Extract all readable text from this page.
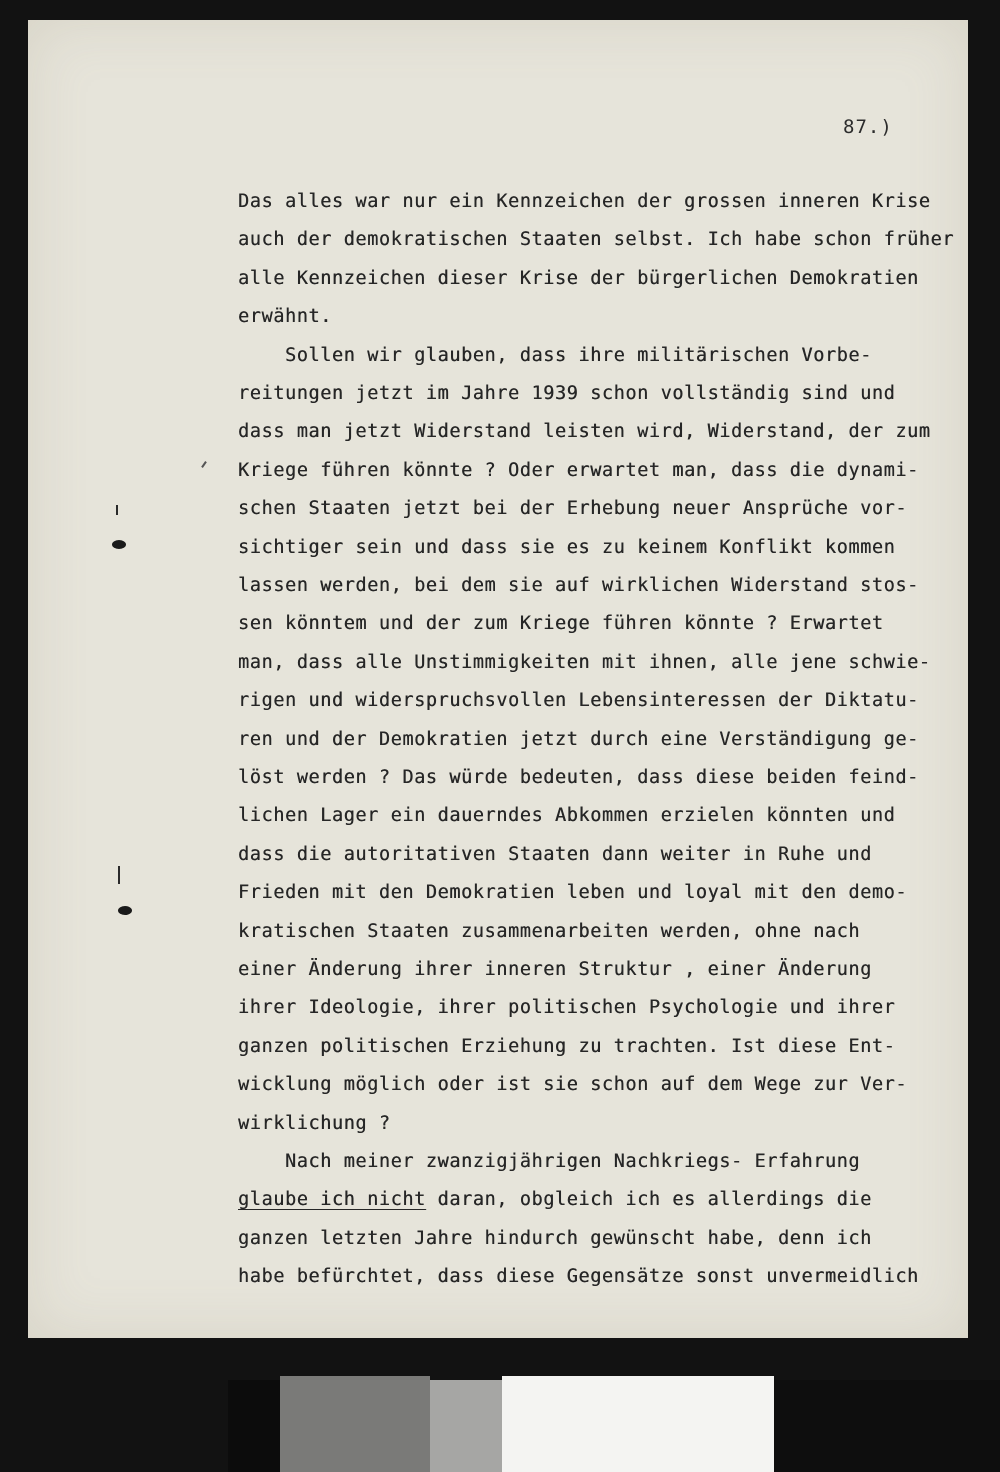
87.)
Das alles war nur ein Kennzeichen der grossen inneren Krise
auch der demokratischen Staaten selbst. Ich habe schon früher
alle Kennzeichen dieser Krise der bürgerlichen Demokratien
erwähnt.
Sollen wir glauben, dass ihre militärischen Vorbe-
reitungen jetzt im Jahre 1939 schon vollständig sind und
dass man jetzt Widerstand leisten wird, Widerstand, der zum
Kriege führen könnte ? Oder erwartet man, dass die dynami-
schen Staaten jetzt bei der Erhebung neuer Ansprüche vor-
sichtiger sein und dass sie es zu keinem Konflikt kommen
lassen werden, bei dem sie auf wirklichen Widerstand stos-
sen könntem und der zum Kriege führen könnte ? Erwartet
man, dass alle Unstimmigkeiten mit ihnen, alle jene schwie-
rigen und widerspruchsvollen Lebensinteressen der Diktatu-
ren und der Demokratien jetzt durch eine Verständigung ge-
löst werden ? Das würde bedeuten, dass diese beiden feind-
lichen Lager ein dauerndes Abkommen erzielen könnten und
dass die autoritativen Staaten dann weiter in Ruhe und
Frieden mit den Demokratien leben und loyal mit den demo-
kratischen Staaten zusammenarbeiten werden, ohne nach
einer Änderung ihrer inneren Struktur , einer Änderung
ihrer Ideologie, ihrer politischen Psychologie und ihrer
ganzen politischen Erziehung zu trachten. Ist diese Ent-
wicklung möglich oder ist sie schon auf dem Wege zur Ver-
wirklichung ?
Nach meiner zwanzigjährigen Nachkriegs- Erfahrung
glaube ich nicht daran, obgleich ich es allerdings die
ganzen letzten Jahre hindurch gewünscht habe, denn ich
habe befürchtet, dass diese Gegensätze sonst unvermeidlich
